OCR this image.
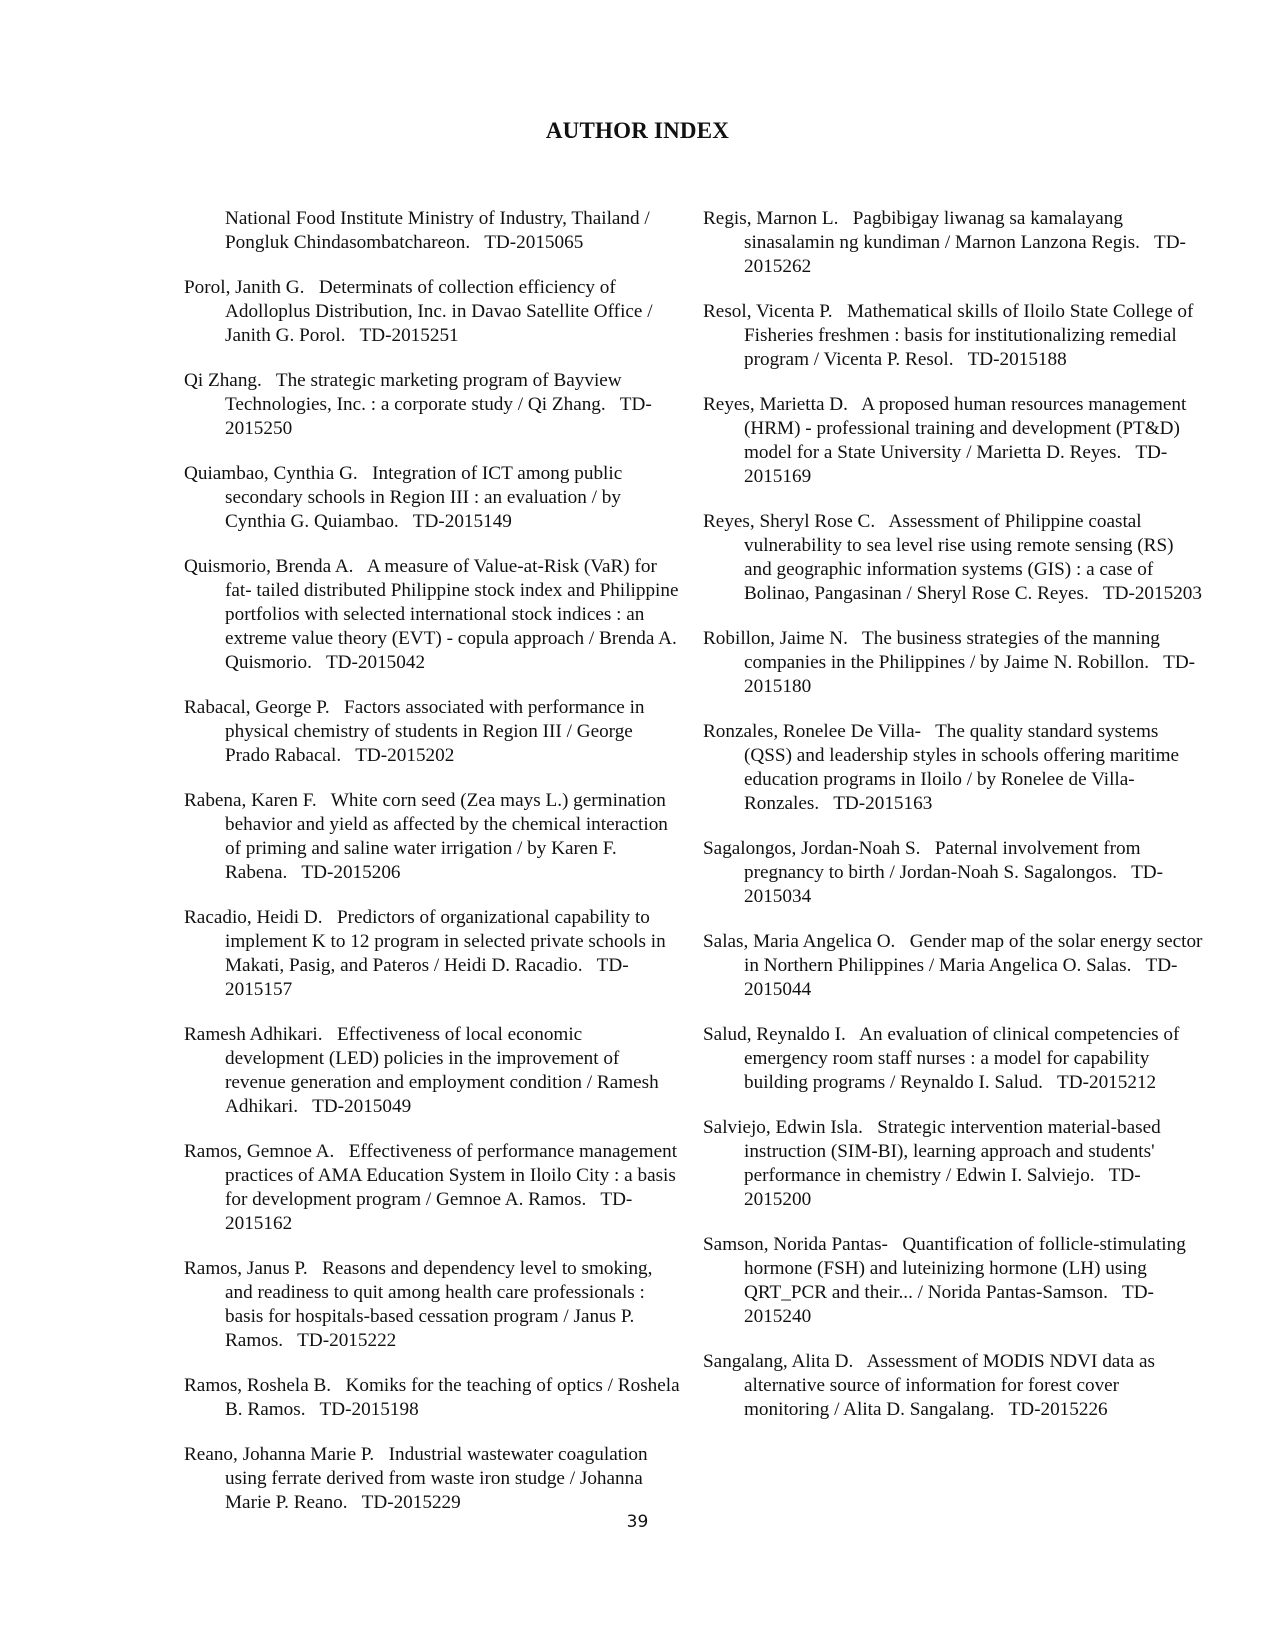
AUTHOR INDEX

National Food Institute Ministry of Industry, Thailand / Pongluk Chindasombatchareon. TD-2015065

Porol, Janith G. Determinats of collection efficiency of Adolloplus Distribution, Inc. in Davao Satellite Office / Janith G. Porol. TD-2015251

Qi Zhang. The strategic marketing program of Bayview Technologies, Inc. : a corporate study / Qi Zhang. TD-2015250

Quiambao, Cynthia G. Integration of ICT among public secondary schools in Region III : an evaluation / by Cynthia G. Quiambao. TD-2015149

Quismorio, Brenda A. A measure of Value-at-Risk (VaR) for fat- tailed distributed Philippine stock index and Philippine portfolios with selected international stock indices : an extreme value theory (EVT) - copula approach / Brenda A. Quismorio. TD-2015042

Rabacal, George P. Factors associated with performance in physical chemistry of students in Region III / George Prado Rabacal. TD-2015202

Rabena, Karen F. White corn seed (Zea mays L.) germination behavior and yield as affected by the chemical interaction of priming and saline water irrigation / by Karen F. Rabena. TD-2015206

Racadio, Heidi D. Predictors of organizational capability to implement K to 12 program in selected private schools in Makati, Pasig, and Pateros / Heidi D. Racadio. TD-2015157

Ramesh Adhikari. Effectiveness of local economic development (LED) policies in the improvement of revenue generation and employment condition / Ramesh Adhikari. TD-2015049

Ramos, Gemnoe A. Effectiveness of performance management practices of AMA Education System in Iloilo City : a basis for development program / Gemnoe A. Ramos. TD-2015162

Ramos, Janus P. Reasons and dependency level to smoking, and readiness to quit among health care professionals : basis for hospitals-based cessation program / Janus P. Ramos. TD-2015222

Ramos, Roshela B. Komiks for the teaching of optics / Roshela B. Ramos. TD-2015198

Reano, Johanna Marie P. Industrial wastewater coagulation using ferrate derived from waste iron studge / Johanna Marie P. Reano. TD-2015229

Regis, Marnon L. Pagbibigay liwanag sa kamalayang sinasalamin ng kundiman / Marnon Lanzona Regis. TD-2015262

Resol, Vicenta P. Mathematical skills of Iloilo State College of Fisheries freshmen : basis for institutionalizing remedial program / Vicenta P. Resol. TD-2015188

Reyes, Marietta D. A proposed human resources management (HRM) - professional training and development (PT&D) model for a State University / Marietta D. Reyes. TD-2015169

Reyes, Sheryl Rose C. Assessment of Philippine coastal vulnerability to sea level rise using remote sensing (RS) and geographic information systems (GIS) : a case of Bolinao, Pangasinan / Sheryl Rose C. Reyes. TD-2015203

Robillon, Jaime N. The business strategies of the manning companies in the Philippines / by Jaime N. Robillon. TD-2015180

Ronzales, Ronelee De Villa- The quality standard systems (QSS) and leadership styles in schools offering maritime education programs in Iloilo / by Ronelee de Villa- Ronzales. TD-2015163

Sagalongos, Jordan-Noah S. Paternal involvement from pregnancy to birth / Jordan-Noah S. Sagalongos. TD-2015034

Salas, Maria Angelica O. Gender map of the solar energy sector in Northern Philippines / Maria Angelica O. Salas. TD-2015044

Salud, Reynaldo I. An evaluation of clinical competencies of emergency room staff nurses : a model for capability building programs / Reynaldo I. Salud. TD-2015212

Salviejo, Edwin Isla. Strategic intervention material-based instruction (SIM-BI), learning approach and students' performance in chemistry / Edwin I. Salviejo. TD-2015200

Samson, Norida Pantas- Quantification of follicle-stimulating hormone (FSH) and luteinizing hormone (LH) using QRT_PCR and their... / Norida Pantas-Samson. TD-2015240

Sangalang, Alita D. Assessment of MODIS NDVI data as alternative source of information for forest cover monitoring / Alita D. Sangalang. TD-2015226

39
